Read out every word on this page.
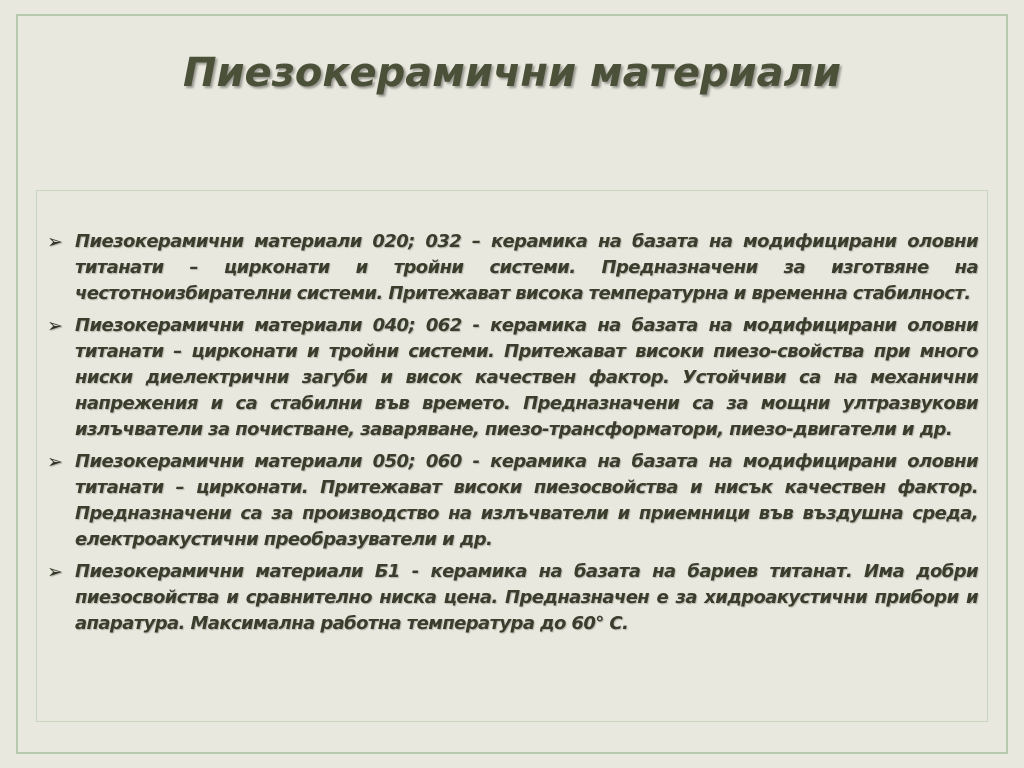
Пиезокерамични материали
➢ Пиезокерамични материали 020; 032 – керамика на базата на модифицирани оловни титанати – цирконати и тройни системи. Предназначени за изготвяне на честотноизбирателни системи. Притежават висока температурна и временна стабилност.
➢ Пиезокерамични материали 040; 062 - керамика на базата на модифицирани оловни титанати – цирконати и тройни системи. Притежават високи пиезо-свойства при много ниски диелектрични загуби и висок качествен фактор. Устойчиви са на механични напрежения и са стабилни във времето. Предназначени са за мощни ултразвукови излъчватели за почистване, заваряване, пиезо-трансформатори, пиезо-двигатели и др.
➢ Пиезокерамични материали 050; 060 - керамика на базата на модифицирани оловни титанати – цирконати. Притежават високи пиезосвойства и нисък качествен фактор. Предназначени са за производство на излъчватели и приемници във въздушна среда, електроакустични преобразуватели и др.
➢ Пиезокерамични материали Б1 - керамика на базата на бариев титанат. Има добри пиезосвойства и сравнително ниска цена. Предназначен е за хидроакустични прибори и апаратура. Максимална работна температура до 60° С.
